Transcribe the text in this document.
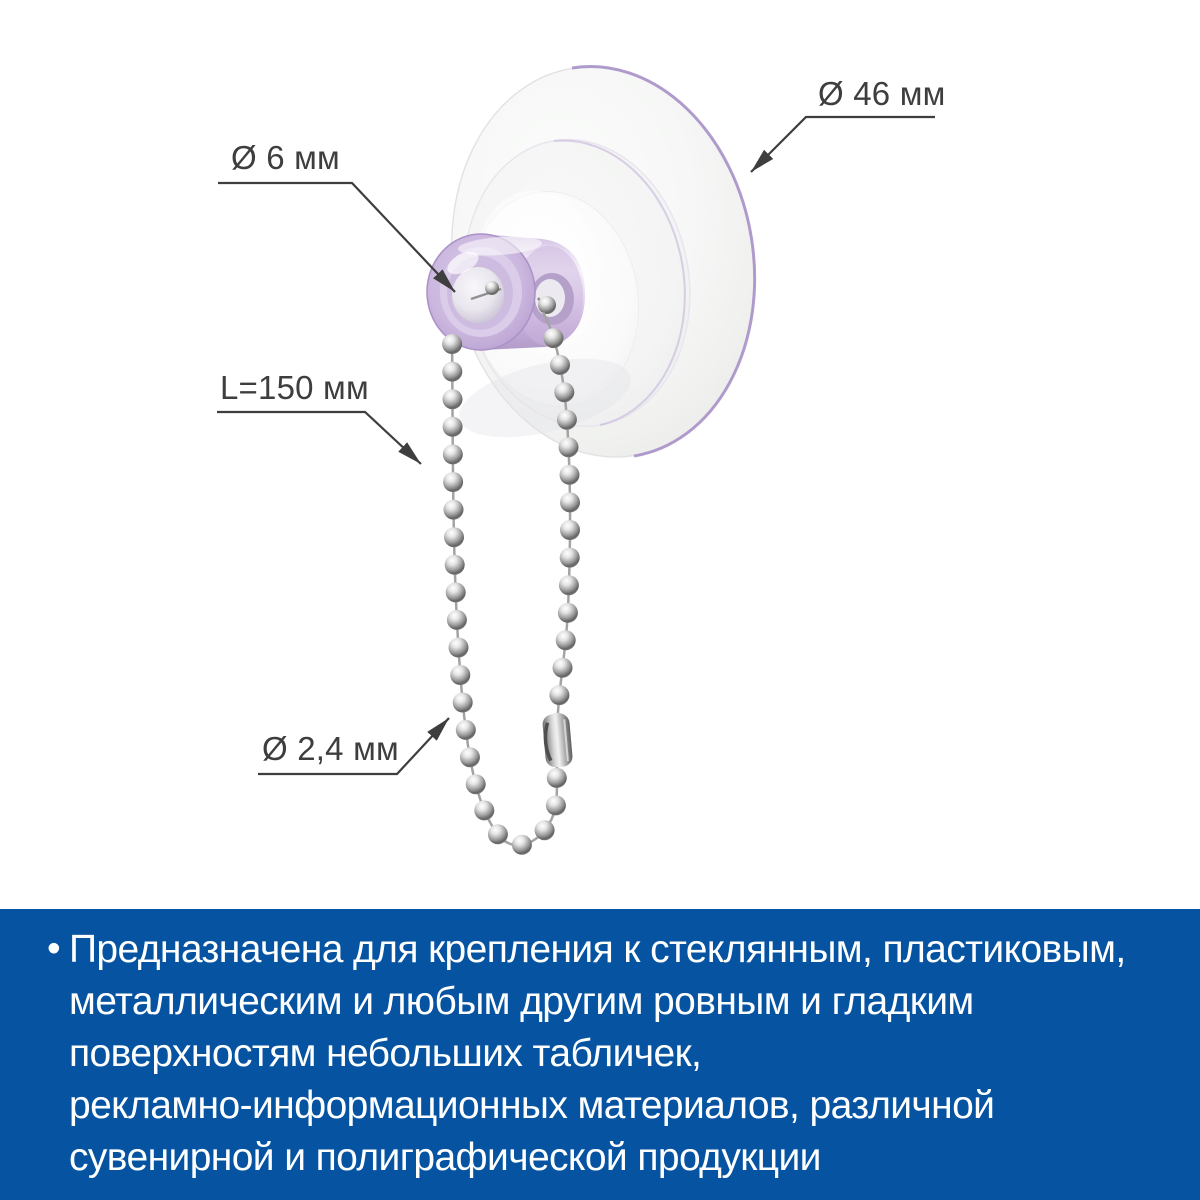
Ø 6 мм
Ø 46 мм
L=150 мм
Ø 2,4 мм
• Предназначена для крепления к стеклянным, пластиковым,
металлическим и любым другим ровным и гладким
поверхностям небольших табличек,
рекламно-информационных материалов, различной
сувенирной и полиграфической продукции
